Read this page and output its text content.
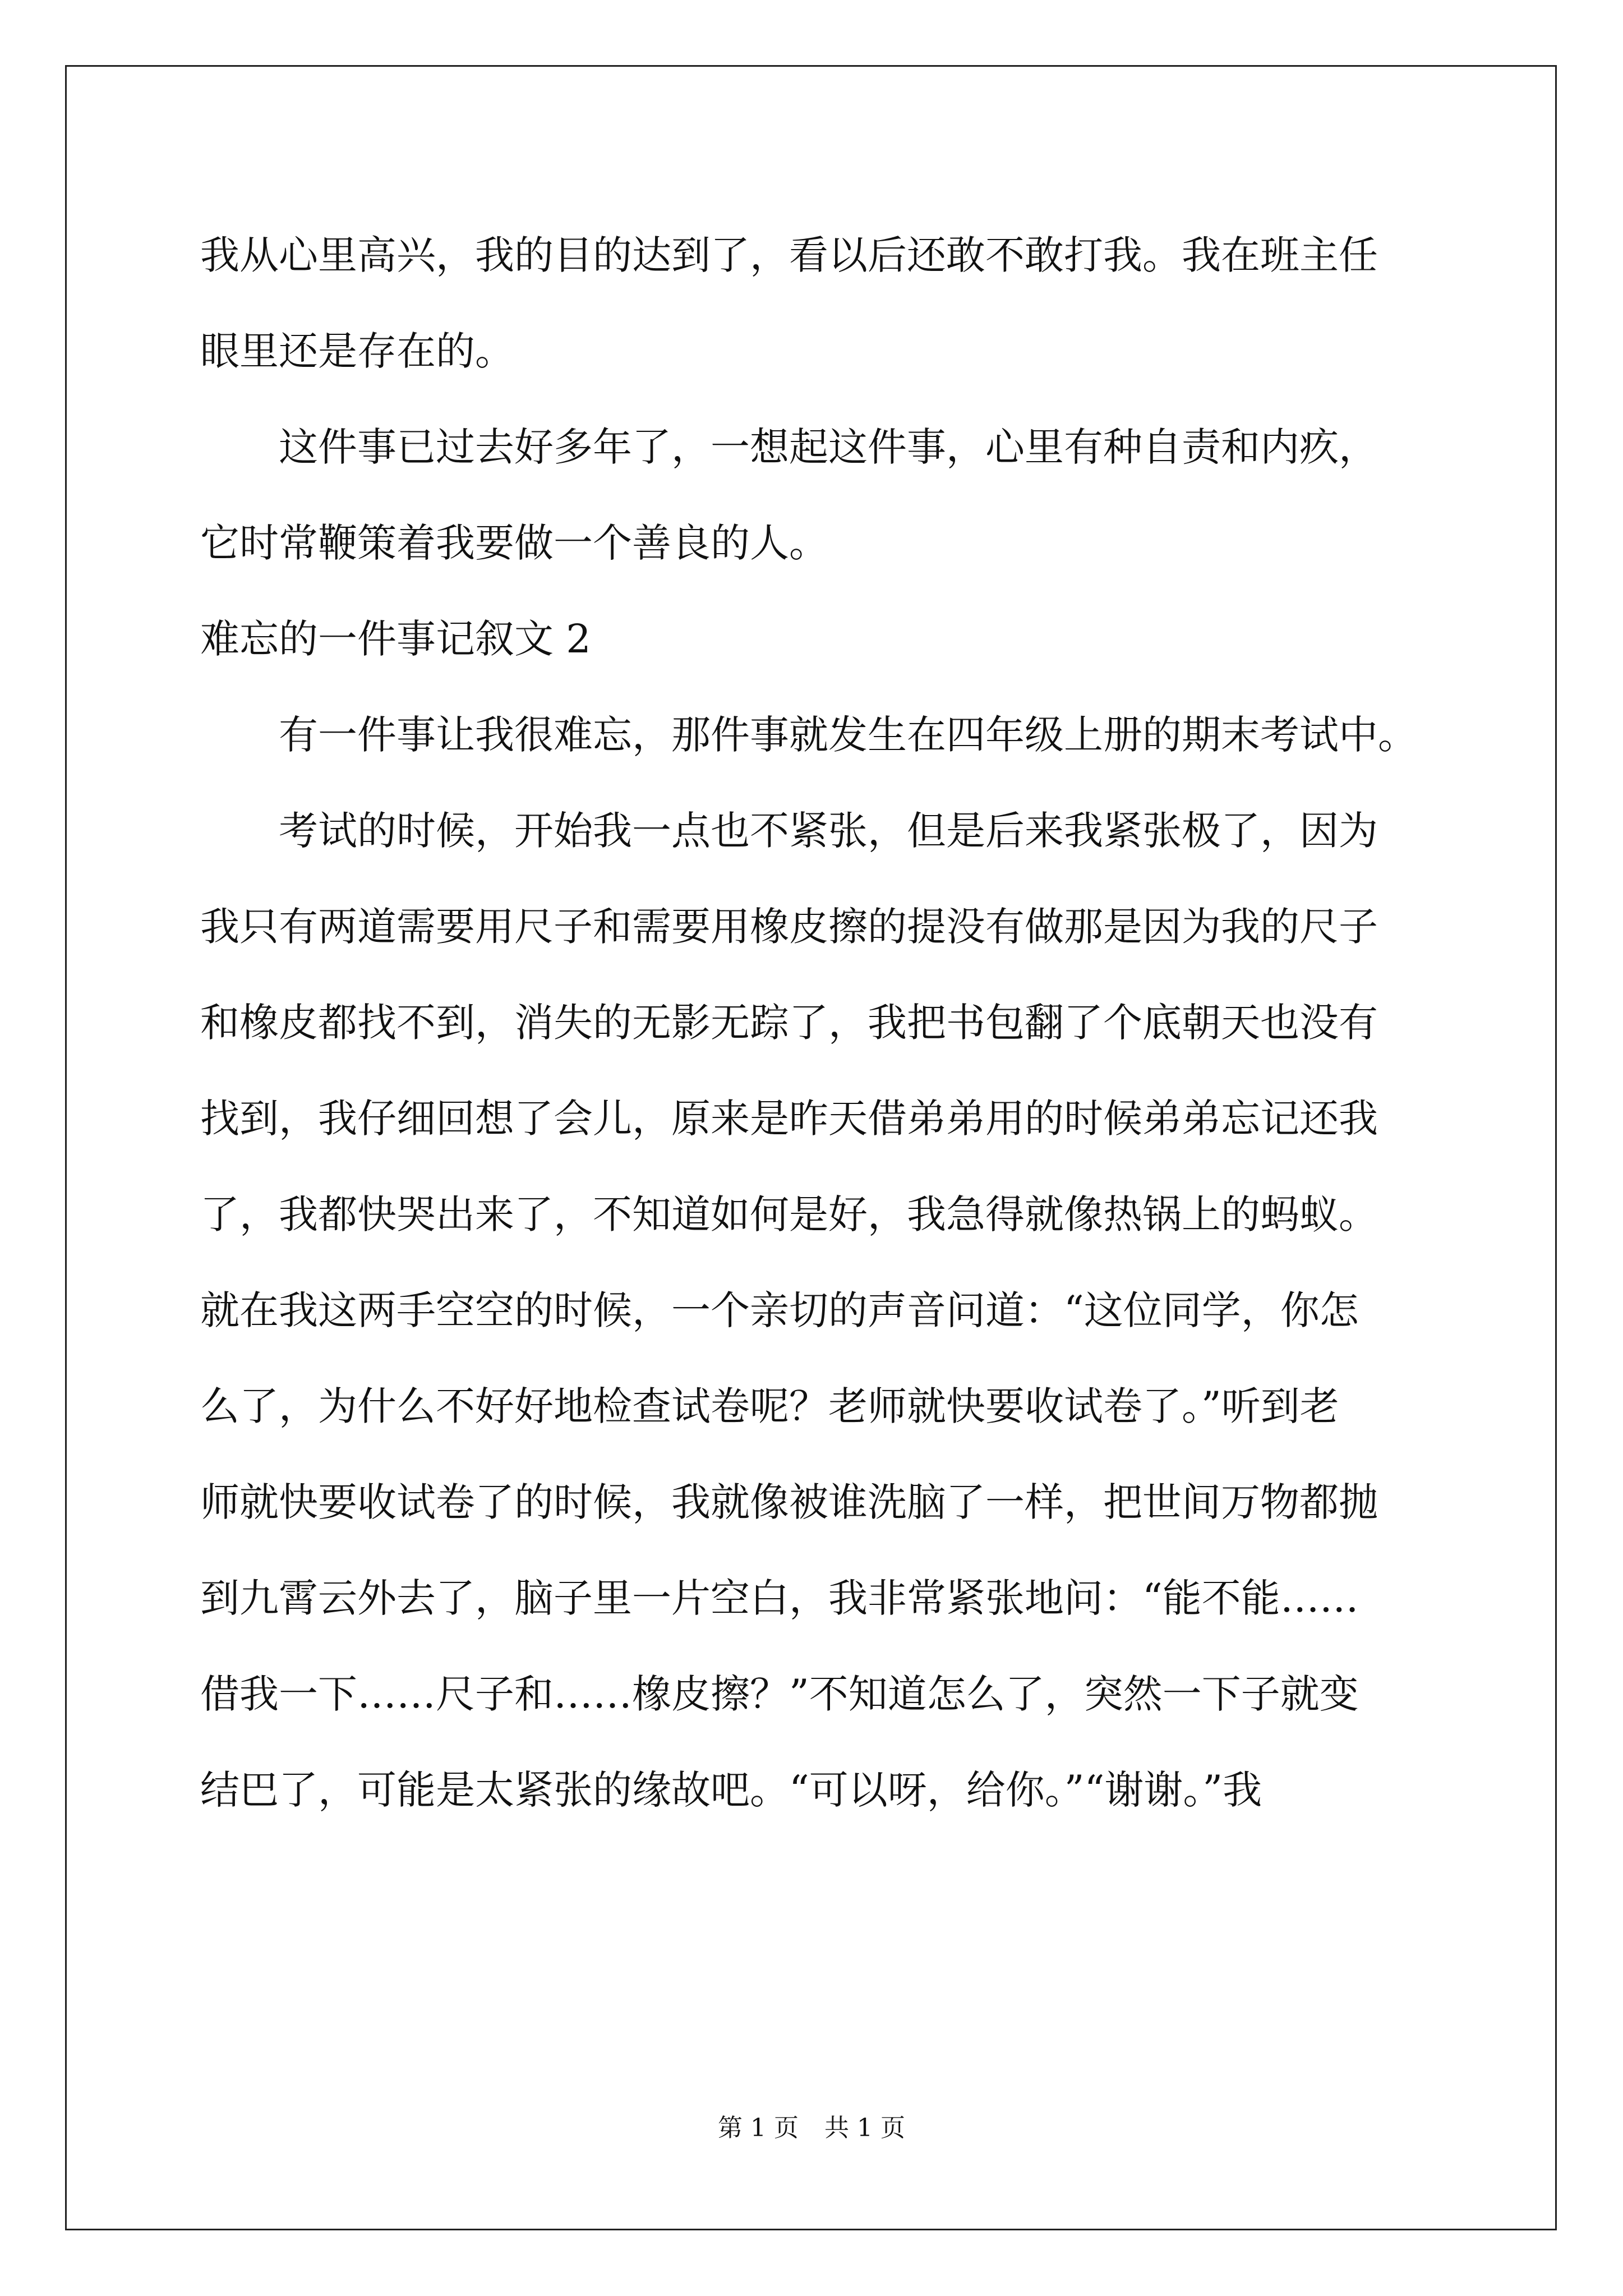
我从心里高兴，我的目的达到了，看以后还敢不敢打我。我在班主任
眼里还是存在的。
这件事已过去好多年了，一想起这件事，心里有种自责和内疚，
它时常鞭策着我要做一个善良的人。
难忘的一件事记叙文 2
有一件事让我很难忘，那件事就发生在四年级上册的期末考试中。
考试的时候，开始我一点也不紧张，但是后来我紧张极了，因为
我只有两道需要用尺子和需要用橡皮擦的提没有做那是因为我的尺子
和橡皮都找不到，消失的无影无踪了，我把书包翻了个底朝天也没有
找到，我仔细回想了会儿，原来是昨天借弟弟用的时候弟弟忘记还我
了，我都快哭出来了，不知道如何是好，我急得就像热锅上的蚂蚁。
就在我这两手空空的时候，一个亲切的声音问道：“这位同学，你怎
么了，为什么不好好地检查试卷呢？老师就快要收试卷了。”听到老
师就快要收试卷了的时候，我就像被谁洗脑了一样，把世间万物都抛
到九霄云外去了，脑子里一片空白，我非常紧张地问：“能不能……
借我一下……尺子和……橡皮擦？”不知道怎么了，突然一下子就变
结巴了，可能是太紧张的缘故吧。“可以呀，给你。”“谢谢。”我
第 1 页 共 1 页
